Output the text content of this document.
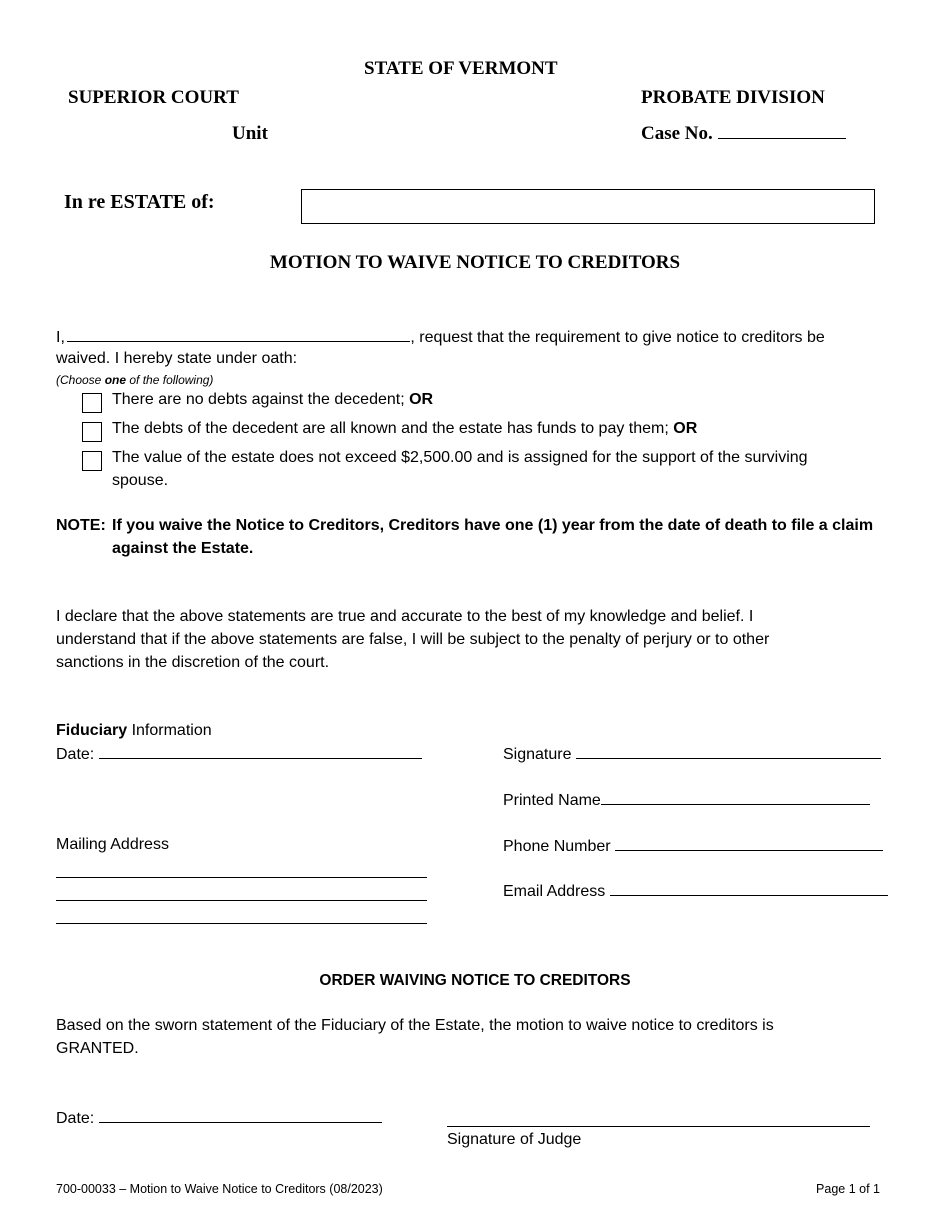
STATE OF VERMONT
SUPERIOR COURT	PROBATE DIVISION
Unit	Case No.
In re ESTATE of:
MOTION TO WAIVE NOTICE TO CREDITORS
I,	, request that the requirement to give notice to creditors be
waived. I hereby state under oath:
(Choose one of the following)
There are no debts against the decedent; OR
The debts of the decedent are all known and the estate has funds to pay them; OR
The value of the estate does not exceed $2,500.00 and is assigned for the support of the surviving
spouse.
NOTE: If you waive the Notice to Creditors, Creditors have one (1) year from the date of death to file a claim
against the Estate.
I declare that the above statements are true and accurate to the best of my knowledge and belief. I
understand that if the above statements are false, I will be subject to the penalty of perjury or to other
sanctions in the discretion of the court.
Fiduciary Information
Date:	Signature
Printed Name
Mailing Address	Phone Number
Email Address
ORDER WAIVING NOTICE TO CREDITORS
Based on the sworn statement of the Fiduciary of the Estate, the motion to waive notice to creditors is
GRANTED.
Date:
Signature of Judge
700-00033 – Motion to Waive Notice to Creditors (08/2023)	Page 1 of 1
